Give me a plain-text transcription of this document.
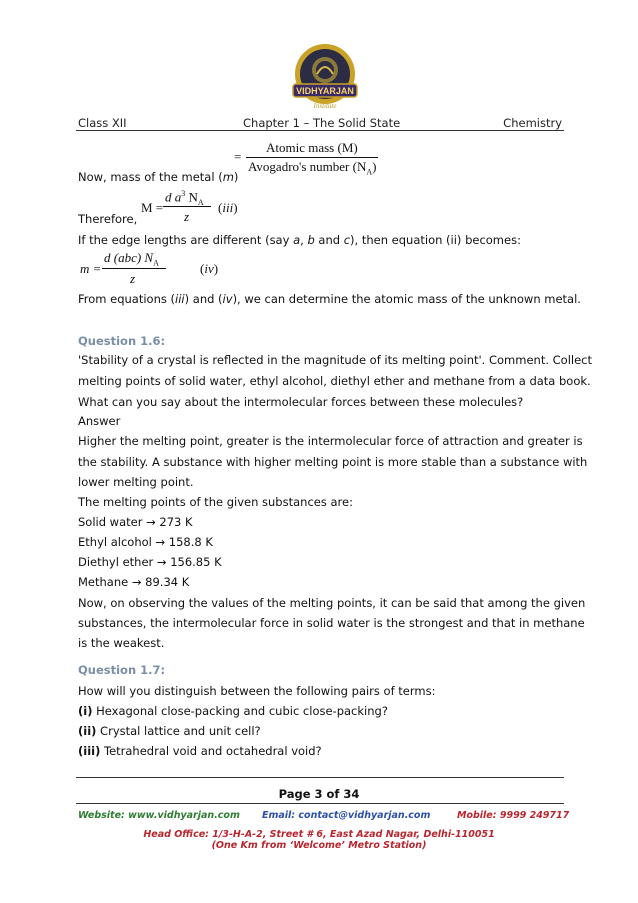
VIDHYARJAN
Institute
Class XII	Chapter 1 – The Solid State	Chemistry
=
Atomic mass (M)
Avogadro's number $(N_A)$
Now, mass of the metal (m)
M =
d $a^3$ $N_A$
z
(iii)
Therefore,
If the edge lengths are different (say a, b and c), then equation (ii) becomes:
m =
d (abc) $N_A$
z
(iv)
From equations (iii) and (iv), we can determine the atomic mass of the unknown metal.
Question 1.6:
'Stability of a crystal is reflected in the magnitude of its melting point'. Comment. Collect
melting points of solid water, ethyl alcohol, diethyl ether and methane from a data book.
What can you say about the intermolecular forces between these molecules?
Answer
Higher the melting point, greater is the intermolecular force of attraction and greater is
the stability. A substance with higher melting point is more stable than a substance with
lower melting point.
The melting points of the given substances are:
Solid water → 273 K
Ethyl alcohol → 158.8 K
Diethyl ether → 156.85 K
Methane → 89.34 K
Now, on observing the values of the melting points, it can be said that among the given
substances, the intermolecular force in solid water is the strongest and that in methane
is the weakest.
Question 1.7:
How will you distinguish between the following pairs of terms:
(i) Hexagonal close-packing and cubic close-packing?
(ii) Crystal lattice and unit cell?
(iii) Tetrahedral void and octahedral void?
Page 3 of 34
Website: www.vidhyarjan.com Email: contact@vidhyarjan.com	Mobile: 9999 249717
Head Office: 1/3-H-A-2, Street # 6, East Azad Nagar, Delhi-110051
(One Km from ‘Welcome’ Metro Station)
